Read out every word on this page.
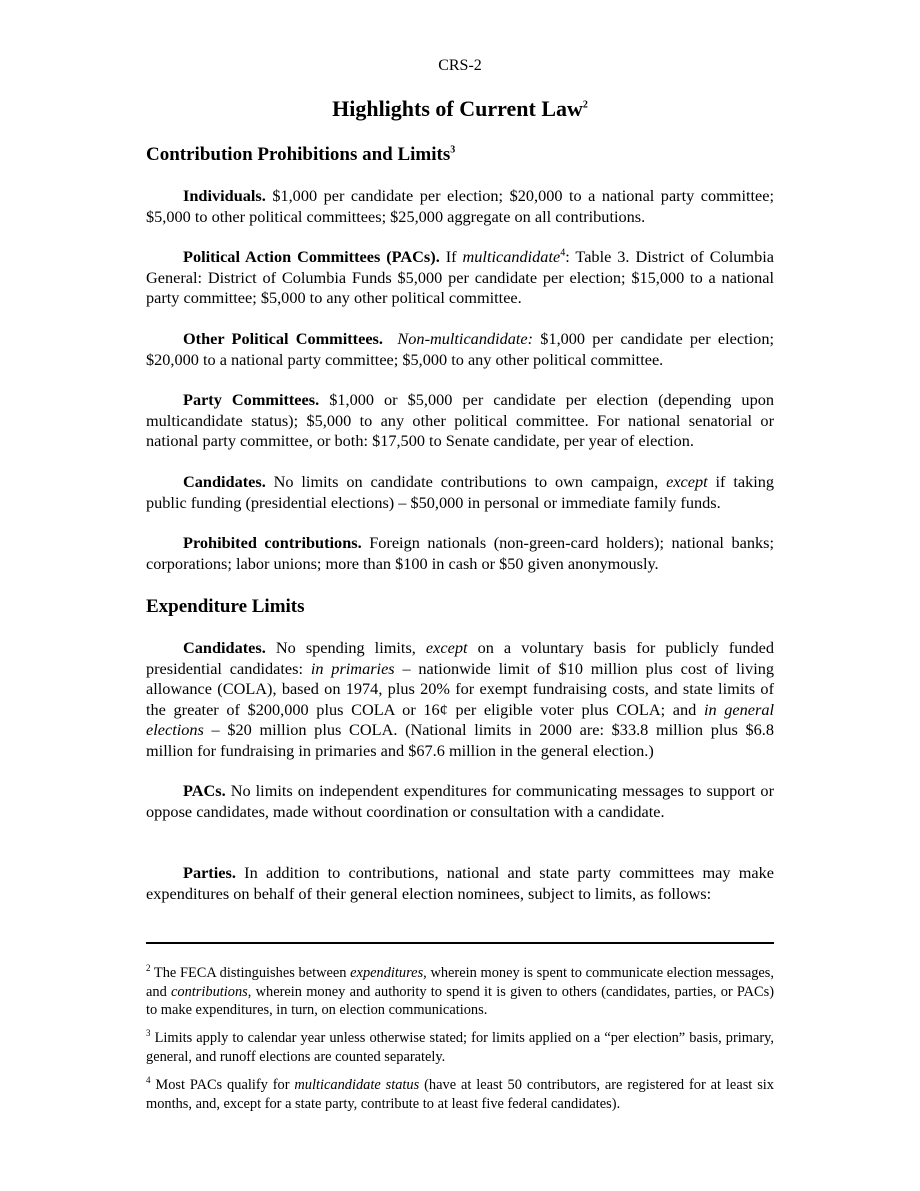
CRS-2
Highlights of Current Law$^2$
Contribution Prohibitions and Limits$^3$

Individuals. $1,000 per candidate per election; $20,000 to a national party committee; $5,000 to other political committees; $25,000 aggregate on all contributions.

Political Action Committees (PACs). If multicandidate$^4$: Table 3. District of Columbia General: District of Columbia Funds $5,000 per candidate per election; $15,000 to a national party committee; $5,000 to any other political committee.

Other Political Committees. Non-multicandidate: $1,000 per candidate per election; $20,000 to a national party committee; $5,000 to any other political committee.

Party Committees. $1,000 or $5,000 per candidate per election (depending upon multicandidate status); $5,000 to any other political committee. For national senatorial or national party committee, or both: $17,500 to Senate candidate, per year of election.

Candidates. No limits on candidate contributions to own campaign, except if taking public funding (presidential elections) – $50,000 in personal or immediate family funds.

Prohibited contributions. Foreign nationals (non-green-card holders); national banks; corporations; labor unions; more than $100 in cash or $50 given anonymously.

Expenditure Limits

Candidates. No spending limits, except on a voluntary basis for publicly funded presidential candidates: in primaries – nationwide limit of $10 million plus cost of living allowance (COLA), based on 1974, plus 20% for exempt fundraising costs, and state limits of the greater of $200,000 plus COLA or 16¢ per eligible voter plus COLA; and in general elections – $20 million plus COLA. (National limits in 2000 are: $33.8 million plus $6.8 million for fundraising in primaries and $67.6 million in the general election.)

PACs. No limits on independent expenditures for communicating messages to support or oppose candidates, made without coordination or consultation with a candidate.

Parties. In addition to contributions, national and state party committees may make expenditures on behalf of their general election nominees, subject to limits, as follows:

$^2$ The FECA distinguishes between expenditures, wherein money is spent to communicate election messages, and contributions, wherein money and authority to spend it is given to others (candidates, parties, or PACs) to make expenditures, in turn, on election communications.

$^3$ Limits apply to calendar year unless otherwise stated; for limits applied on a “per election” basis, primary, general, and runoff elections are counted separately.

$^4$ Most PACs qualify for multicandidate status (have at least 50 contributors, are registered for at least six months, and, except for a state party, contribute to at least five federal candidates).
